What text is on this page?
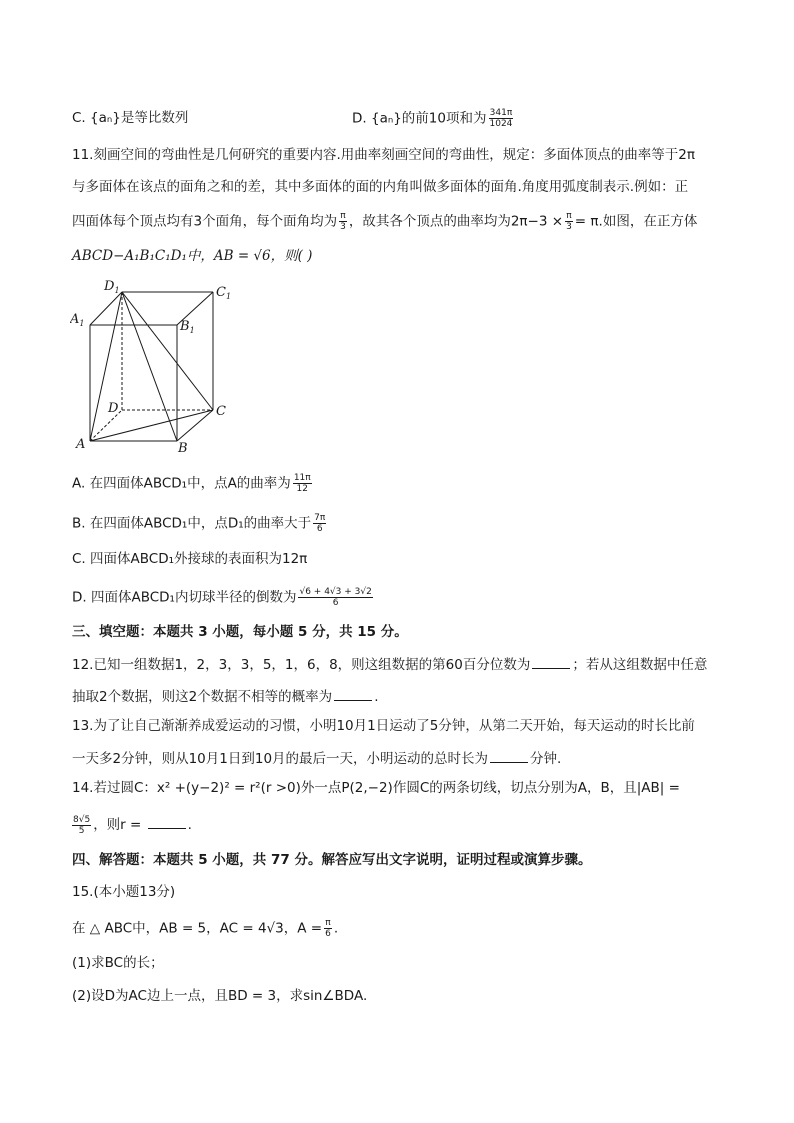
C. {aₙ}是等比数列	D. {aₙ}的前10项和为 $\frac{341\pi}{1024}$
11.刻画空间的弯曲性是几何研究的重要内容.用曲率刻画空间的弯曲性，规定：多面体顶点的曲率等于2π
与多面体在该点的面角之和的差，其中多面体的面的内角叫做多面体的面角.角度用弧度制表示.例如：正
四面体每个顶点均有3个面角，每个面角均为 $\frac{\pi}{3}$ ，故其各个顶点的曲率均为$2\pi-3 \times \frac{\pi}{3} = \pi$.如图，在正方体
ABCD−A₁B₁C₁D₁中，AB = √6，则( )
$D_1$	$C_1$
$A_1$	$B_1$
D	C
A	B
A. 在四面体ABCD₁中，点A的曲率为 $\frac{11\pi}{12}$
B. 在四面体ABCD₁中，点D₁的曲率大于 $\frac{7\pi}{6}$
C. 四面体ABCD₁外接球的表面积为12π
D. 四面体ABCD₁内切球半径的倒数为 $\frac{√6 + 4√3 + 3√2}{6}$
三、填空题：本题共 3 小题，每小题 5 分，共 15 分。
12.已知一组数据1，2，3，3，5，1，6，8，则这组数据的第60百分位数为	；若从这组数据中任意
抽取2个数据，则这2个数据不相等的概率为	.
13.为了让自己渐渐养成爱运动的习惯，小明10月1日运动了5分钟，从第二天开始，每天运动的时长比前
一天多2分钟，则从10月1日到10月的最后一天，小明运动的总时长为	分钟.
14.若过圆C：x² +(y−2)² = r²(r >0)外一点P(2,−2)作圆C的两条切线，切点分别为A，B，且|AB| =
$\frac{8√5}{5}$ ，则r =	.
四、解答题：本题共 5 小题，共 77 分。解答应写出文字说明，证明过程或演算步骤。
15.(本小题13分)
在 △ ABC中，AB = 5，AC = 4√3，$A = \frac{\pi}{6}$ .
(1)求BC的长；
(2)设D为AC边上一点，且BD = 3，求sin∠BDA.
